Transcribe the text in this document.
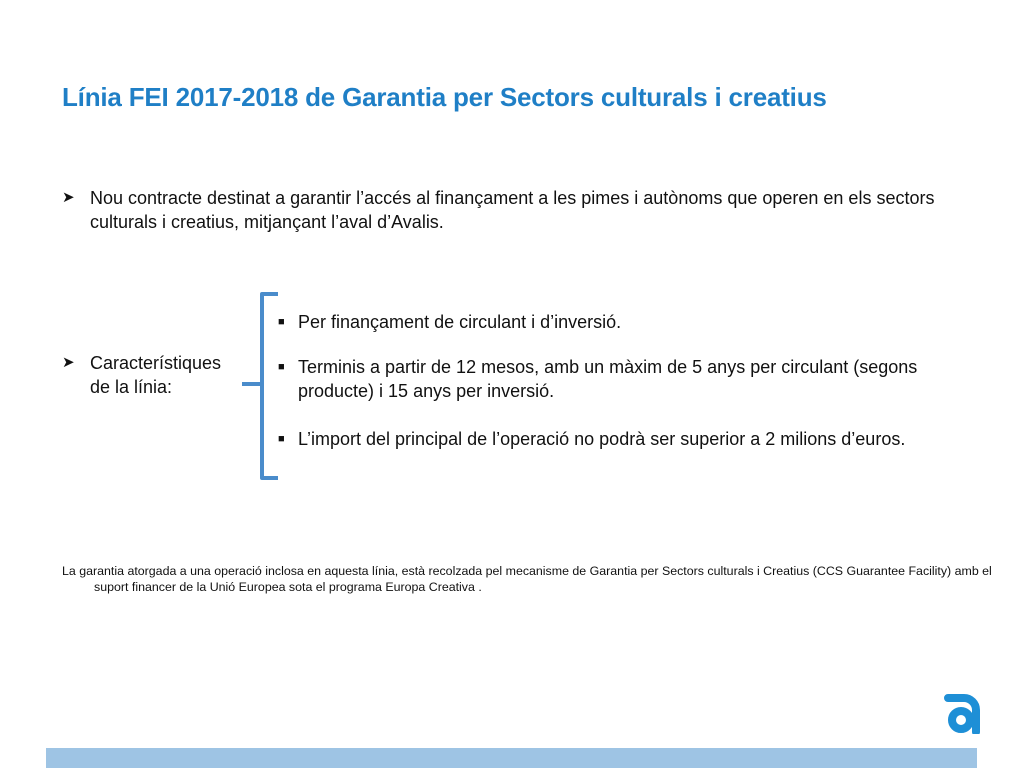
Línia FEI 2017-2018 de Garantia per Sectors culturals i creatius
➤ Nou contracte destinat a garantir l’accés al finançament a les pimes i autònoms que operen en els sectors culturals i creatius, mitjançant l’aval d’Avalis.
➤ Característiques de la línia:
■ Per finançament de circulant i d’inversió.
■ Terminis a partir de 12 mesos, amb un màxim de 5 anys per circulant (segons producte) i 15 anys per inversió.
■ L’import del principal de l’operació no podrà ser superior a 2 milions d’euros.
La garantia atorgada a una operació inclosa en aquesta línia, està recolzada pel mecanisme de Garantia per Sectors culturals i Creatius (CCS Guarantee Facility) amb el suport financer de la Unió Europea sota el programa Europa Creativa .
